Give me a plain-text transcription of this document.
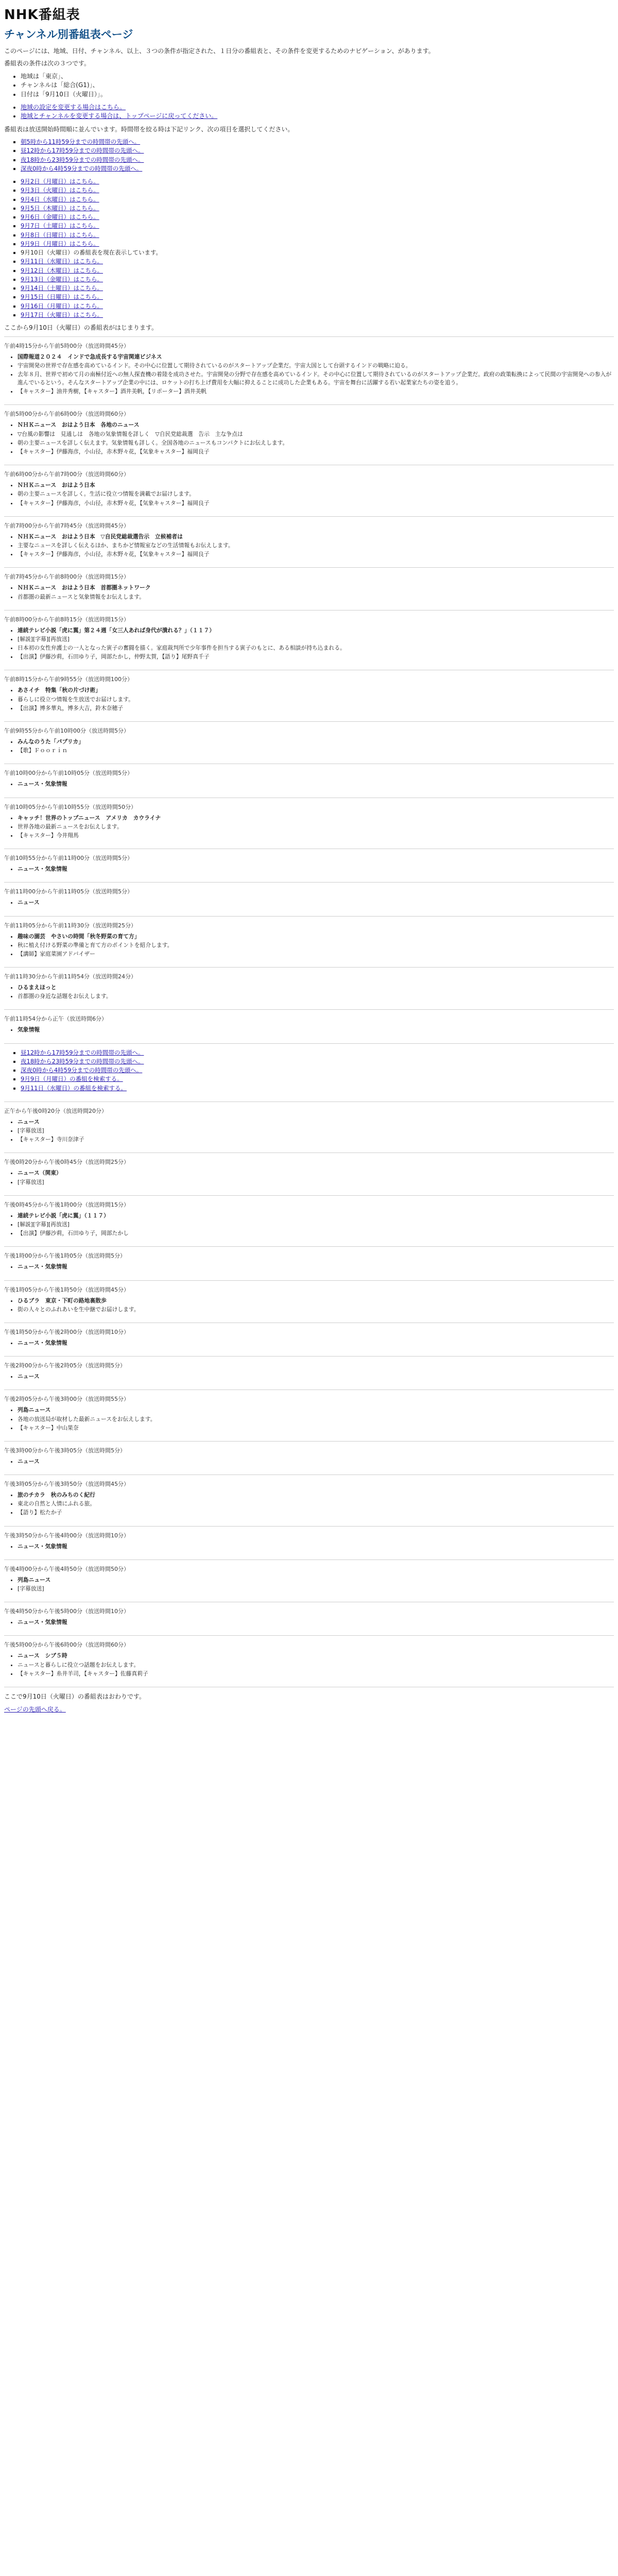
NHK番組表
チャンネル別番組表ページ

このページには、地域、日付、チャンネル、以上、３つの条件が指定された、１日分の番組表と、その条件を変更するためのナビゲーション、があります。

番組表の条件は次の３つです。

• 地域は「東京」、
• チャンネルは「総合(G1)」、
• 日付は「9月10日（火曜日）」。
• 地域の設定を変更する場合はこちら。
• 地域とチャンネルを変更する場合は、トップページに戻ってください。

番組表は放送開始時間順に並んでいます。時間帯を絞る時は下記リンク、次の項目を選択してください。

▪ 朝5時から11時59分までの時間帯の先頭へ。
▪ 昼12時から17時59分までの時間帯の先頭へ。
▪ 夜18時から23時59分までの時間帯の先頭へ。
▪ 深夜0時から4時59分までの時間帯の先頭へ。
▪ 9月2日（月曜日）はこちら。
▪ 9月3日（火曜日）はこちら。
▪ 9月4日（水曜日）はこちら。
▪ 9月5日（木曜日）はこちら。
▪ 9月6日（金曜日）はこちら。
▪ 9月7日（土曜日）はこちら。
▪ 9月8日（日曜日）はこちら。
▪ 9月9日（月曜日）はこちら。
▪ 9月10日（火曜日）の番組表を現在表示しています。
▪ 9月11日（水曜日）はこちら。
▪ 9月12日（木曜日）はこちら。
▪ 9月13日（金曜日）はこちら。
▪ 9月14日（土曜日）はこちら。
▪ 9月15日（日曜日）はこちら。
▪ 9月16日（月曜日）はこちら。
▪ 9月17日（火曜日）はこちら。

ここから9月10日（火曜日）の番組表がはじまります。

午前4時15分から午前5時00分（放送時間45分）
• 国際報道２０２４　インドで急成長する宇宙関連ビジネス
• 宇宙開発の世界で存在感を高めているインド。その中心に位置して期待されているのがスタートアップ企業だ。宇宙大国として台頭するインドの戦略に迫る。
• 去年８月、世界で初めて月の南極付近への無人探査機の着陸を成功させた。宇宙開発の分野で存在感を高めているインド。その中心に位置して期待されているのがスタートアップ企業だ。政府の政策転換によって民間の宇宙開発への参入が進んでいるという。そんなスタートアップ企業の中には、ロケットの打ち上げ費用を大幅に抑えることに成功した企業もある。宇宙を舞台に活躍する若い起業家たちの姿を追う。
• 【キャスター】油井秀樹，【キャスター】酒井美帆，【リポーター】酒井美帆
午前5時00分から午前6時00分（放送時間60分）
• ＮＨＫニュース　おはよう日本　各地のニュース
• ▽台風の影響は　見通しは　各地の気象情報を詳しく　▽自民党総裁選　告示　主な争点は
• 朝の主要ニュースを詳しく伝えます。気象情報も詳しく。全国各地のニュースもコンパクトにお伝えします。
• 【キャスター】伊藤海彦，小山径，赤木野々花，【気象キャスター】福岡良子
午前6時00分から午前7時00分（放送時間60分）
• ＮＨＫニュース　おはよう日本
• 朝の主要ニュースを詳しく。生活に役立つ情報を満載でお届けします。
• 【キャスター】伊藤海彦，小山径，赤木野々花，【気象キャスター】福岡良子
午前7時00分から午前7時45分（放送時間45分）
• ＮＨＫニュース　おはよう日本　▽自民党総裁選告示　立候補者は
• 主要なニュースを詳しく伝えるほか、まちかど情報室などの生活情報もお伝えします。
• 【キャスター】伊藤海彦，小山径，赤木野々花，【気象キャスター】福岡良子
午前7時45分から午前8時00分（放送時間15分）
• ＮＨＫニュース　おはよう日本　首都圏ネットワーク
• 首都圏の最新ニュースと気象情報をお伝えします。
午前8時00分から午前8時15分（放送時間15分）
• 連続テレビ小説「虎に翼」第２４週「女三人あれば身代が潰れる？」（１１７）
• [解説][字幕][再放送]
• 日本初の女性弁護士の一人となった寅子の奮闘を描く。家庭裁判所で少年事件を担当する寅子のもとに、ある相談が持ち込まれる。
• 【出演】伊藤沙莉，石田ゆり子，岡部たかし，仲野太賀，【語り】尾野真千子
午前8時15分から午前9時55分（放送時間100分）
• あさイチ　特集「秋の片づけ術」
• 暮らしに役立つ情報を生放送でお届けします。
• 【出演】博多華丸，博多大吉，鈴木奈穂子
午前9時55分から午前10時00分（放送時間5分）
• みんなのうた「パプリカ」
• 【歌】Ｆｏｏｒｉｎ
午前10時00分から午前10時05分（放送時間5分）
• ニュース・気象情報
午前10時05分から午前10時55分（放送時間50分）
• キャッチ！世界のトップニュース　アメリカ　カウライナ
• 世界各地の最新ニュースをお伝えします。
• 【キャスター】今井翔馬
午前10時55分から午前11時00分（放送時間5分）
• ニュース・気象情報
午前11時00分から午前11時05分（放送時間5分）
• ニュース
午前11時05分から午前11時30分（放送時間25分）
• 趣味の園芸　やさいの時間「秋冬野菜の育て方」
• 秋に植え付ける野菜の準備と育て方のポイントを紹介します。
• 【講師】家庭菜園アドバイザー
午前11時30分から午前11時54分（放送時間24分）
• ひるまえほっと
• 首都圏の身近な話題をお伝えします。
午前11時54分から正午（放送時間6分）
• 気象情報
▪ 昼12時から17時59分までの時間帯の先頭へ。
▪ 夜18時から23時59分までの時間帯の先頭へ。
▪ 深夜0時から4時59分までの時間帯の先頭へ。
▪ 9月9日（月曜日）の番組を検索する。
▪ 9月11日（水曜日）の番組を検索する。
正午から午後0時20分（放送時間20分）
• ニュース
• [字幕放送]
• 【キャスター】寺川奈津子
午後0時20分から午後0時45分（放送時間25分）
• ニュース（関東）
• [字幕放送]
午後0時45分から午後1時00分（放送時間15分）
• 連続テレビ小説「虎に翼」（１１７）
• [解説][字幕][再放送]
• 【出演】伊藤沙莉，石田ゆり子，岡部たかし
午後1時00分から午後1時05分（放送時間5分）
• ニュース・気象情報
午後1時05分から午後1時50分（放送時間45分）
• ひるブラ　東京・下町の路地裏散歩
• 街の人々とのふれあいを生中継でお届けします。
午後1時50分から午後2時00分（放送時間10分）
• ニュース・気象情報
午後2時00分から午後2時05分（放送時間5分）
• ニュース
午後2時05分から午後3時00分（放送時間55分）
• 列島ニュース
• 各地の放送局が取材した最新ニュースをお伝えします。
• 【キャスター】中山果奈
午後3時00分から午後3時05分（放送時間5分）
• ニュース
午後3時05分から午後3時50分（放送時間45分）
• 旅のチカラ　秋のみちのく紀行
• 東北の自然と人情にふれる旅。
• 【語り】松たか子
午後3時50分から午後4時00分（放送時間10分）
• ニュース・気象情報
午後4時00分から午後4時50分（放送時間50分）
• 列島ニュース
• [字幕放送]
午後4時50分から午後5時00分（放送時間10分）
• ニュース・気象情報
午後5時00分から午後6時00分（放送時間60分）
• ニュース　シブ５時
• ニュースと暮らしに役立つ話題をお伝えします。
• 【キャスター】糸井羊司，【キャスター】佐藤真莉子

ここで9月10日（火曜日）の番組表はおわりです。

ページの先頭へ戻る。
